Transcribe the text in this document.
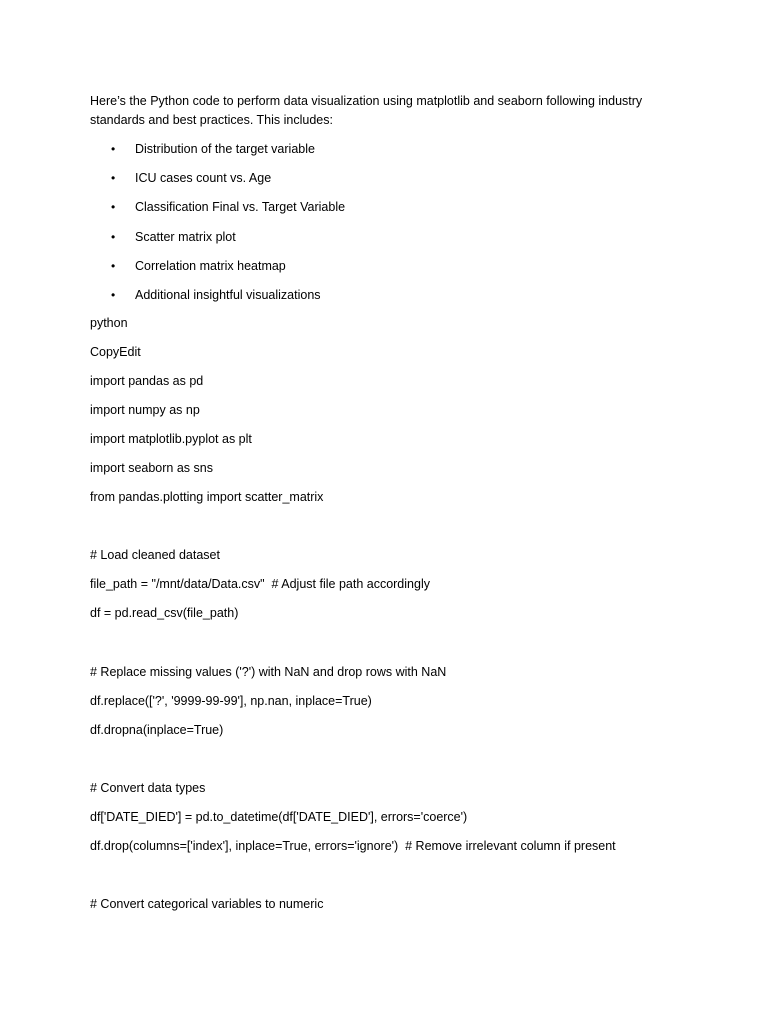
Here’s the Python code to perform data visualization using matplotlib and seaborn following industry standards and best practices. This includes:

• Distribution of the target variable
• ICU cases count vs. Age
• Classification Final vs. Target Variable
• Scatter matrix plot
• Correlation matrix heatmap
• Additional insightful visualizations
python
CopyEdit
import pandas as pd
import numpy as np
import matplotlib.pyplot as plt
import seaborn as sns
from pandas.plotting import scatter_matrix
# Load cleaned dataset
file_path = "/mnt/data/Data.csv"  # Adjust file path accordingly
df = pd.read_csv(file_path)
# Replace missing values ('?') with NaN and drop rows with NaN
df.replace(['?', '9999-99-99'], np.nan, inplace=True)
df.dropna(inplace=True)
# Convert data types
df['DATE_DIED'] = pd.to_datetime(df['DATE_DIED'], errors='coerce')
df.drop(columns=['index'], inplace=True, errors='ignore')  # Remove irrelevant column if present
# Convert categorical variables to numeric
